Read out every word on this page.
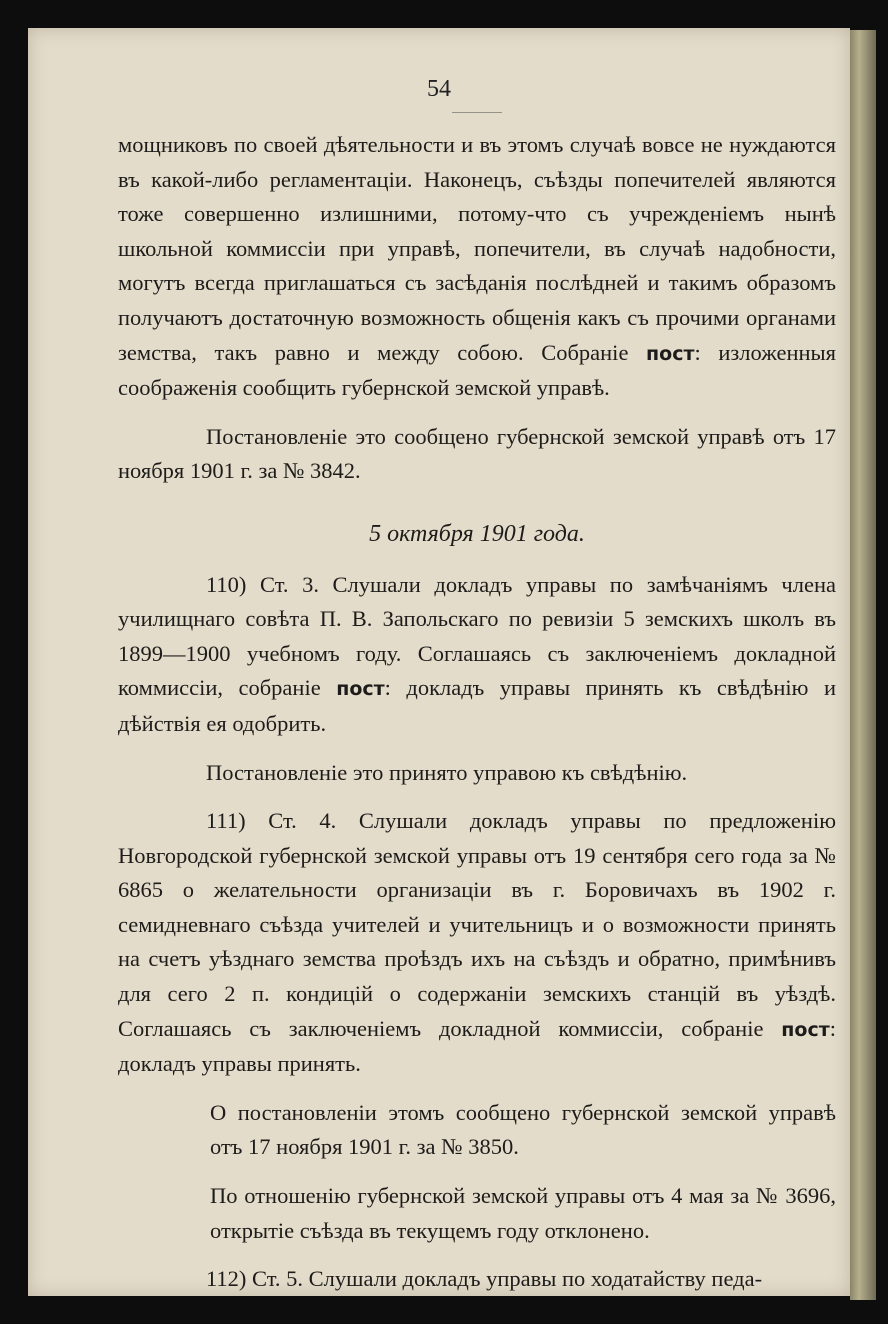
54

мощниковъ по своей дѣятельности и въ этомъ случаѣ вовсе не нуждаются въ какой-либо регламентаціи. Наконецъ, съѣзды попечителей являются тоже совершенно излишними, потому-что съ учрежденіемъ нынѣ школьной коммиссіи при управѣ, попечители, въ случаѣ надобности, могутъ всегда приглашаться съ засѣданія послѣдней и такимъ образомъ получаютъ достаточную возможность общенія какъ съ прочими органами земства, такъ равно и между собою. Собраніе пост: изложенныя соображенія сообщить губернской земской управѣ.

Постановленіе это сообщено губернской земской управѣ отъ 17 ноября 1901 г. за № 3842.

5 октября 1901 года.

110) Ст. 3. Слушали докладъ управы по замѣчаніямъ члена училищнаго совѣта П. В. Запольскаго по ревизіи 5 земскихъ школъ въ 1899—1900 учебномъ году. Соглашаясь съ заключеніемъ докладной коммиссіи, собраніе пост: докладъ управы принять къ свѣдѣнію и дѣйствія ея одобрить.

Постановленіе это принято управою къ свѣдѣнію.

111) Ст. 4. Слушали докладъ управы по предложенію Новгородской губернской земской управы отъ 19 сентября сего года за № 6865 о желательности организаціи въ г. Боровичахъ въ 1902 г. семидневнаго съѣзда учителей и учительницъ и о возможности принять на счетъ уѣзднаго земства проѣздъ ихъ на съѣздъ и обратно, примѣнивъ для сего 2 п. кондицій о содержаніи земскихъ станцій въ уѣздѣ. Соглашаясь съ заключеніемъ докладной коммиссіи, собраніе пост: докладъ управы принять.

О постановленіи этомъ сообщено губернской земской управѣ отъ 17 ноября 1901 г. за № 3850.

По отношенію губернской земской управы отъ 4 мая за № 3696, открытіе съѣзда въ текущемъ году отклонено.

112) Ст. 5. Слушали докладъ управы по ходатайству педа-
